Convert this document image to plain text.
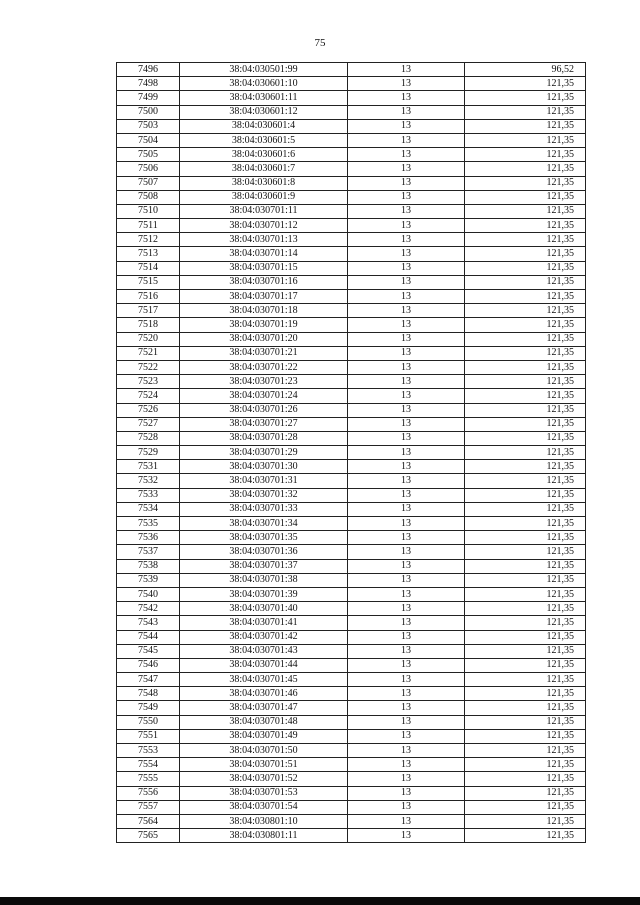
75
7496	38:04:030501:99	13	96,52
7498	38:04:030601:10	13	121,35
7499	38:04:030601:11	13	121,35
7500	38:04:030601:12	13	121,35
7503	38:04:030601:4	13	121,35
7504	38:04:030601:5	13	121,35
7505	38:04:030601:6	13	121,35
7506	38:04:030601:7	13	121,35
7507	38:04:030601:8	13	121,35
7508	38:04:030601:9	13	121,35
7510	38:04:030701:11	13	121,35
7511	38:04:030701:12	13	121,35
7512	38:04:030701:13	13	121,35
7513	38:04:030701:14	13	121,35
7514	38:04:030701:15	13	121,35
7515	38:04:030701:16	13	121,35
7516	38:04:030701:17	13	121,35
7517	38:04:030701:18	13	121,35
7518	38:04:030701:19	13	121,35
7520	38:04:030701:20	13	121,35
7521	38:04:030701:21	13	121,35
7522	38:04:030701:22	13	121,35
7523	38:04:030701:23	13	121,35
7524	38:04:030701:24	13	121,35
7526	38:04:030701:26	13	121,35
7527	38:04:030701:27	13	121,35
7528	38:04:030701:28	13	121,35
7529	38:04:030701:29	13	121,35
7531	38:04:030701:30	13	121,35
7532	38:04:030701:31	13	121,35
7533	38:04:030701:32	13	121,35
7534	38:04:030701:33	13	121,35
7535	38:04:030701:34	13	121,35
7536	38:04:030701:35	13	121,35
7537	38:04:030701:36	13	121,35
7538	38:04:030701:37	13	121,35
7539	38:04:030701:38	13	121,35
7540	38:04:030701:39	13	121,35
7542	38:04:030701:40	13	121,35
7543	38:04:030701:41	13	121,35
7544	38:04:030701:42	13	121,35
7545	38:04:030701:43	13	121,35
7546	38:04:030701:44	13	121,35
7547	38:04:030701:45	13	121,35
7548	38:04:030701:46	13	121,35
7549	38:04:030701:47	13	121,35
7550	38:04:030701:48	13	121,35
7551	38:04:030701:49	13	121,35
7553	38:04:030701:50	13	121,35
7554	38:04:030701:51	13	121,35
7555	38:04:030701:52	13	121,35
7556	38:04:030701:53	13	121,35
7557	38:04:030701:54	13	121,35
7564	38:04:030801:10	13	121,35
7565	38:04:030801:11	13	121,35
